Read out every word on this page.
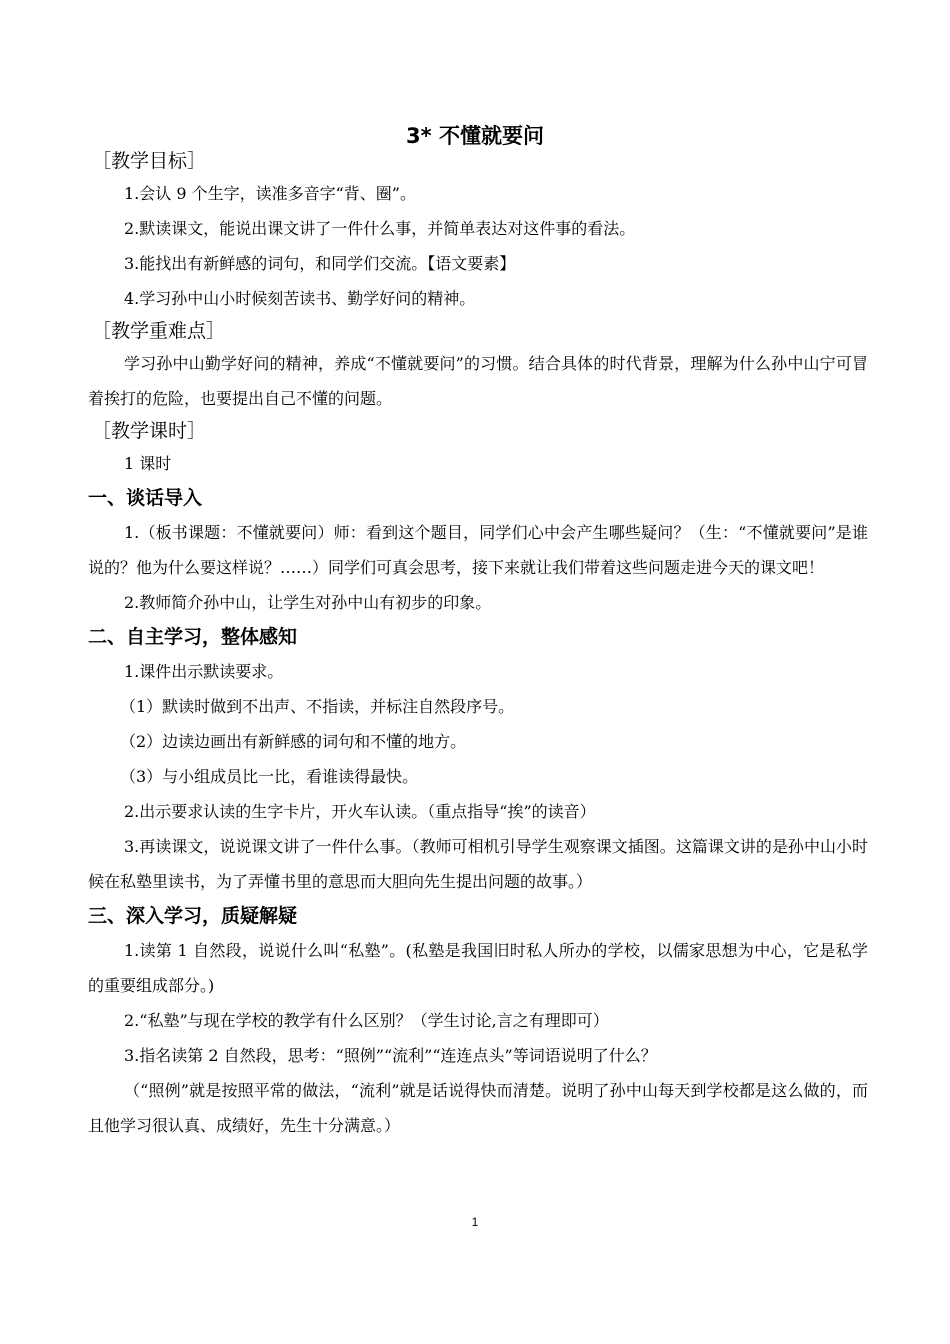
3* 不懂就要问
［教学目标］

1.会认 9 个生字，读准多音字“背、圈”。

2.默读课文，能说出课文讲了一件什么事，并简单表达对这件事的看法。

3.能找出有新鲜感的词句，和同学们交流。【语文要素】

4.学习孙中山小时候刻苦读书、勤学好问的精神。

［教学重难点］

学习孙中山勤学好问的精神，养成“不懂就要问”的习惯。结合具体的时代背景，理解为什么孙中山宁可冒着挨打的危险，也要提出自己不懂的问题。

［教学课时］

1 课时

一、谈话导入

1.（板书课题：不懂就要问）师：看到这个题目，同学们心中会产生哪些疑问？（生：“不懂就要问”是谁说的？他为什么要这样说？……）同学们可真会思考，接下来就让我们带着这些问题走进今天的课文吧！

2.教师简介孙中山，让学生对孙中山有初步的印象。

二、自主学习，整体感知

1.课件出示默读要求。

（1）默读时做到不出声、不指读，并标注自然段序号。

（2）边读边画出有新鲜感的词句和不懂的地方。

（3）与小组成员比一比，看谁读得最快。

2.出示要求认读的生字卡片，开火车认读。（重点指导“挨”的读音）

3.再读课文，说说课文讲了一件什么事。（教师可相机引导学生观察课文插图。这篇课文讲的是孙中山小时候在私塾里读书，为了弄懂书里的意思而大胆向先生提出问题的故事。）

三、深入学习，质疑解疑

1.读第 1 自然段，说说什么叫“私塾”。(私塾是我国旧时私人所办的学校，以儒家思想为中心，它是私学的重要组成部分。)

2.“私塾”与现在学校的教学有什么区别？（学生讨论,言之有理即可）

3.指名读第 2 自然段，思考：“照例”“流利”“连连点头”等词语说明了什么？

（“照例”就是按照平常的做法，“流利”就是话说得快而清楚。说明了孙中山每天到学校都是这么做的，而且他学习很认真、成绩好，先生十分满意。）

1
